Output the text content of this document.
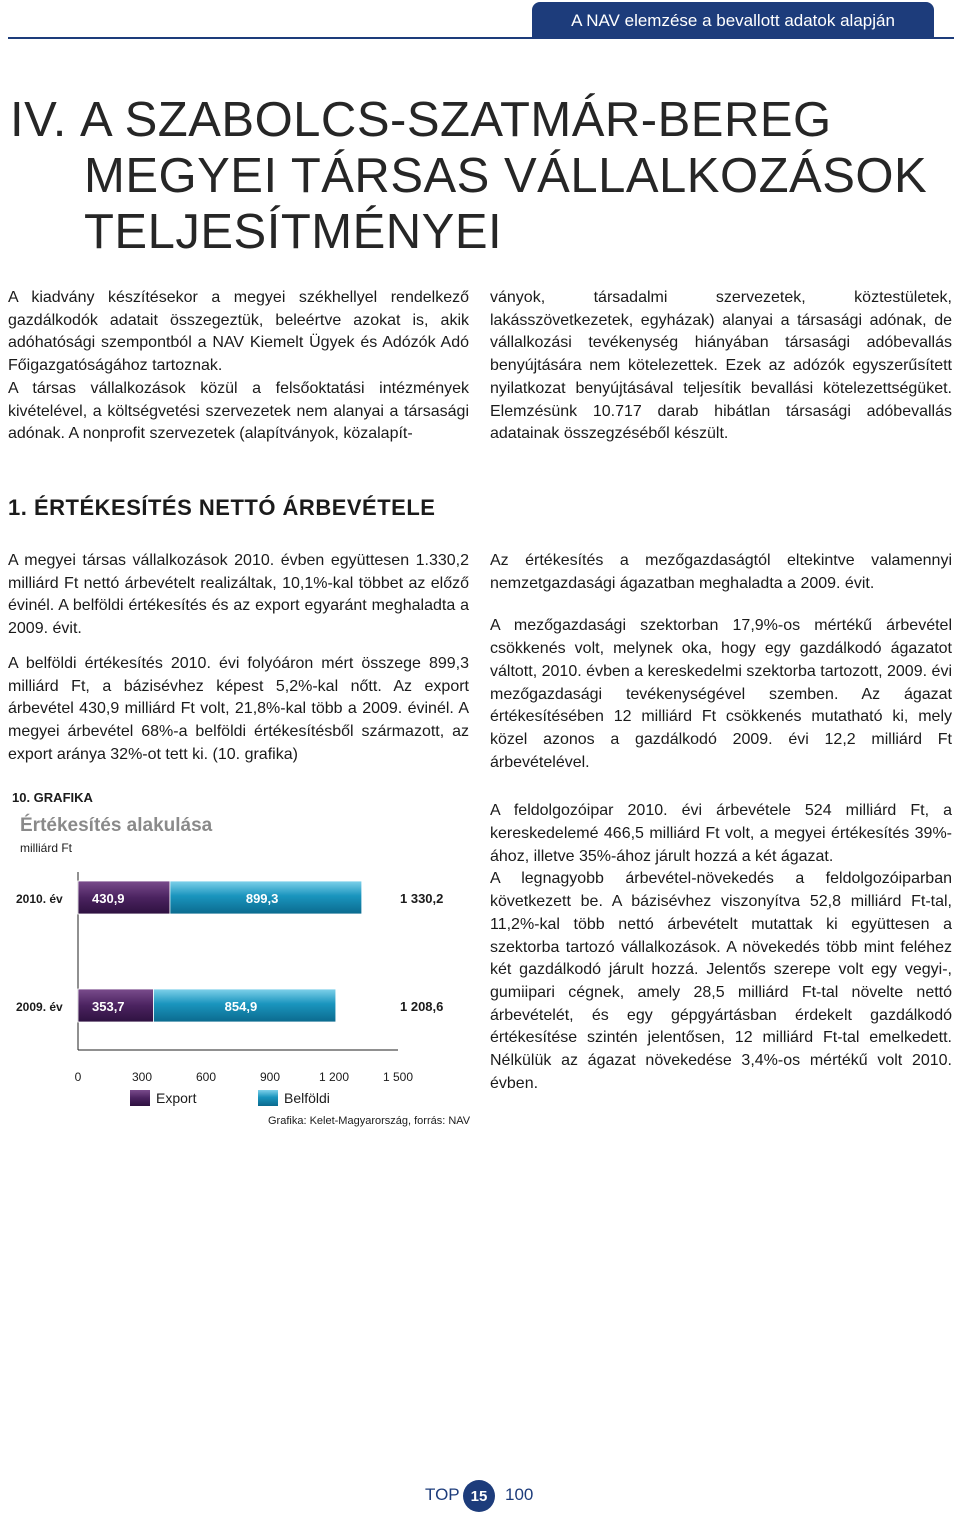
A NAV elemzése a bevallott adatok alapján
IV. A SZABOLCS-SZATMÁR-BEREG
MEGYEI TÁRSAS VÁLLALKOZÁSOK
TELJESÍTMÉNYEI

A kiadvány készítésekor a megyei székhellyel rendelkező gazdálkodók adatait összegeztük, beleértve azokat is, akik adóhatósági szempontból a NAV Kiemelt Ügyek és Adózók Adó Főigazgatóságához tartoznak.

A társas vállalkozások közül a felsőoktatási intézmények kivételével, a költségvetési szervezetek nem alanyai a társasági adónak. A nonprofit szervezetek (alapítványok, közalapít-

ványok, társadalmi szervezetek, köztestületek, lakásszövetkezetek, egyházak) alanyai a társasági adónak, de vállalkozási tevékenység hiányában társasági adóbevallás benyújtására nem kötelezettek. Ezek az adózók egyszerűsített nyilatkozat benyújtásával teljesítik bevallási kötelezettségüket. Elemzésünk 10.717 darab hibátlan társasági adóbevallás adatainak összegzéséből készült.

1. ÉRTÉKESÍTÉS NETTÓ ÁRBEVÉTELE

A megyei társas vállalkozások 2010. évben együttesen 1.330,2 milliárd Ft nettó árbevételt realizáltak, 10,1%-kal többet az előző évinél. A belföldi értékesítés és az export egyaránt meghaladta a 2009. évit.

A belföldi értékesítés 2010. évi folyóáron mért összege 899,3 milliárd Ft, a bázisévhez képest 5,2%-kal nőtt. Az export árbevétel 430,9 milliárd Ft volt, 21,8%-kal több a 2009. évinél. A megyei árbevétel 68%-a belföldi értékesítésből származott, az export aránya 32%-ot tett ki. (10. grafika)

Az értékesítés a mezőgazdaságtól eltekintve valamennyi nemzetgazdasági ágazatban meghaladta a 2009. évit.

A mezőgazdasági szektorban 17,9%-os mértékű árbevétel csökkenés volt, melynek oka, hogy egy gazdálkodó ágazatot váltott, 2010. évben a kereskedelmi szektorba tartozott, 2009. évi mezőgazdasági tevékenységével szemben. Az ágazat értékesítésében 12 milliárd Ft csökkenés mutatható ki, mely közel azonos a gazdálkodó 2009. évi 12,2 milliárd Ft árbevételével.

A feldolgozóipar 2010. évi árbevétele 524 milliárd Ft, a kereskedelemé 466,5 milliárd Ft volt, a megyei értékesítés 39%-ához, illetve 35%-ához járult hozzá a két ágazat.

A legnagyobb árbevétel-növekedés a feldolgozóiparban következett be. A bázisévhez viszonyítva 52,8 milliárd Ft-tal, 11,2%-kal több nettó árbevételt mutattak ki együttesen a szektorba tartozó vállalkozások. A növekedés több mint feléhez két gazdálkodó járult hozzá. Jelentős szerepe volt egy vegyi-, gumiipari cégnek, amely 28,5 milliárd Ft-tal növelte nettó árbevételét, és egy gépgyártásban érdekelt gazdálkodó értékesítése szintén jelentősen, 12 milliárd Ft-tal emelkedett. Nélkülük az ágazat növekedése 3,4%-os mértékű volt 2010. évben.

10. GRAFIKA
Értékesítés alakulása
milliárd Ft
2010. év 430,9	899,3	1 330,2
2009. év 353,7	854,9	1 208,6
0	300	600	900	1 200	1 500
Export	Belföldi
Grafika: Kelet-Magyarország, forrás: NAV
TOP 15	100
